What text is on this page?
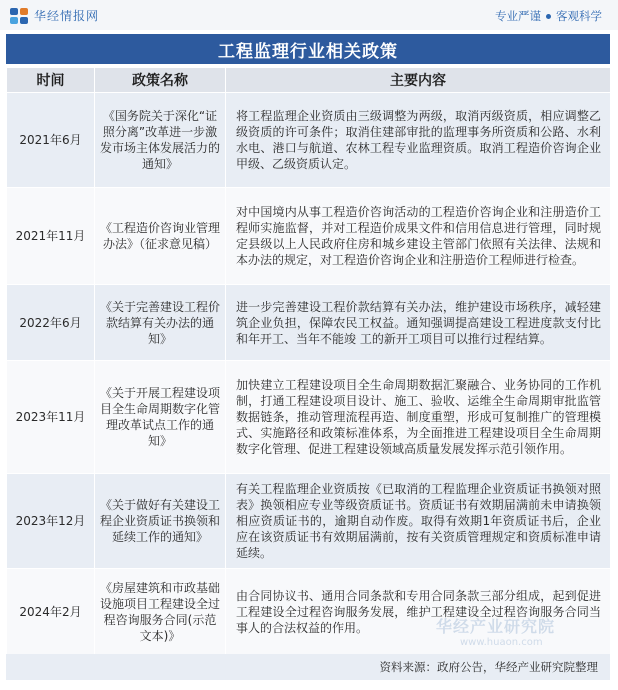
华经情报网	专业严谨 客观科学
工程监理行业相关政策
时间	政策名称	主要内容
2021年6月	《国务院关于深化“证照分离”改革进一步激发市场主体发展活力的通知》	将工程监理企业资质由三级调整为两级，取消丙级资质，相应调整乙级资质的许可条件；取消住建部审批的监理事务所资质和公路、水利水电、港口与航道、农林工程专业监理资质。取消工程造价咨询企业甲级、乙级资质认定。
2021年11月	《工程造价咨询业管理办法》（征求意见稿）	对中国境内从事工程造价咨询活动的工程造价咨询企业和注册造价工程师实施监督，并对工程造价成果文件和信用信息进行管理，同时规定县级以上人民政府住房和城乡建设主管部门依照有关法律、法规和本办法的规定，对工程造价咨询企业和注册造价工程师进行检查。
2022年6月	《关于完善建设工程价款结算有关办法的通知》	进一步完善建设工程价款结算有关办法，维护建设市场秩序，减轻建筑企业负担，保障农民工权益。通知强调提高建设工程进度款支付比和年开工、当年不能竣 工的新开工项目可以推行过程结算。
2023年11月	《关于开展工程建设项目全生命周期数字化管理改革试点工作的通知》	加快建立工程建设项目全生命周期数据汇聚融合、业务协同的工作机制，打通工程建设项目设计、施工、验收、运维全生命周期审批监管数据链条，推动管理流程再造、制度重塑，形成可复制推广的管理模式、实施路径和政策标准体系，为全面推进工程建设项目全生命周期数字化管理、促进工程建设领域高质量发展发挥示范引领作用。
2023年12月	《关于做好有关建设工程企业资质证书换领和延续工作的通知》	有关工程监理企业资质按《已取消的工程监理企业资质证书换领对照表》换领相应专业等级资质证书。资质证书有效期届满前未申请换领相应资质证书的，逾期自动作废。取得有效期1年资质证书后，企业应在该资质证书有效期届满前，按有关资质管理规定和资质标准申请延续。
2024年2月	《房屋建筑和市政基础设施项目工程建设全过程咨询服务合同(示范文本)》	由合同协议书、通用合同条款和专用合同条款三部分组成，起到促进工程建设全过程咨询服务发展，维护工程建设全过程咨询服务合同当事人的合法权益的作用。	华经产业研究院
www.huaon.com
资料来源：政府公告，华经产业研究院整理
